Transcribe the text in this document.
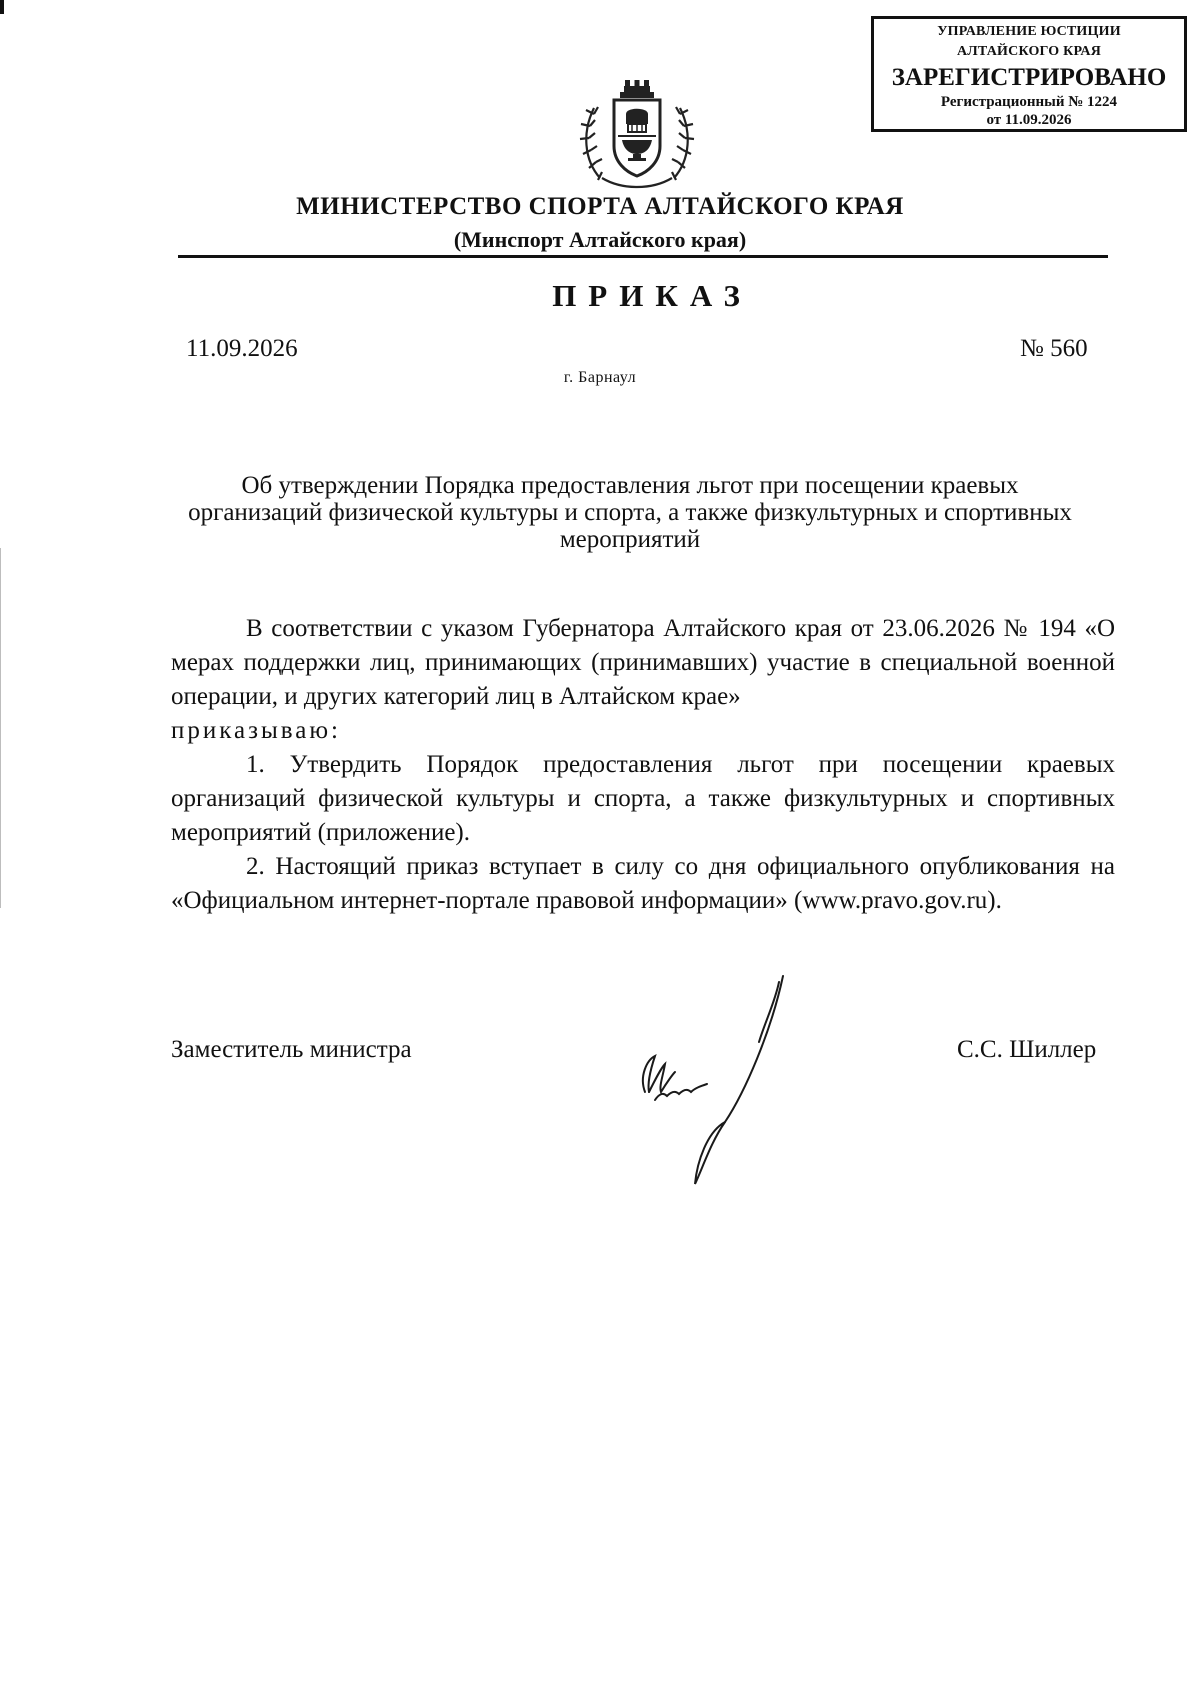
УПРАВЛЕНИЕ ЮСТИЦИИ
АЛТАЙСКОГО КРАЯ
ЗАРЕГИСТРИРОВАНО
Регистрационный № 1224
от 11.09.2026
МИНИСТЕРСТВО СПОРТА АЛТАЙСКОГО КРАЯ
(Минспорт Алтайского края)
ПРИКАЗ
11.09.2026	№ 560
г. Барнаул
Об утверждении Порядка предоставления льгот при посещении краевых организаций физической культуры и спорта, а также физкультурных и спортивных мероприятий

В соответствии с указом Губернатора Алтайского края от 23.06.2026 № 194 «О мерах поддержки лиц, принимающих (принимавших) участие в специальной военной операции, и других категорий лиц в Алтайском крае»

приказываю:

1. Утвердить Порядок предоставления льгот при посещении краевых организаций физической культуры и спорта, а также физкультурных и спортивных мероприятий (приложение).

2. Настоящий приказ вступает в силу со дня официального опубликования на «Официальном интернет-портале правовой информации» (www.pravo.gov.ru).

Заместитель министра	С.С. Шиллер
